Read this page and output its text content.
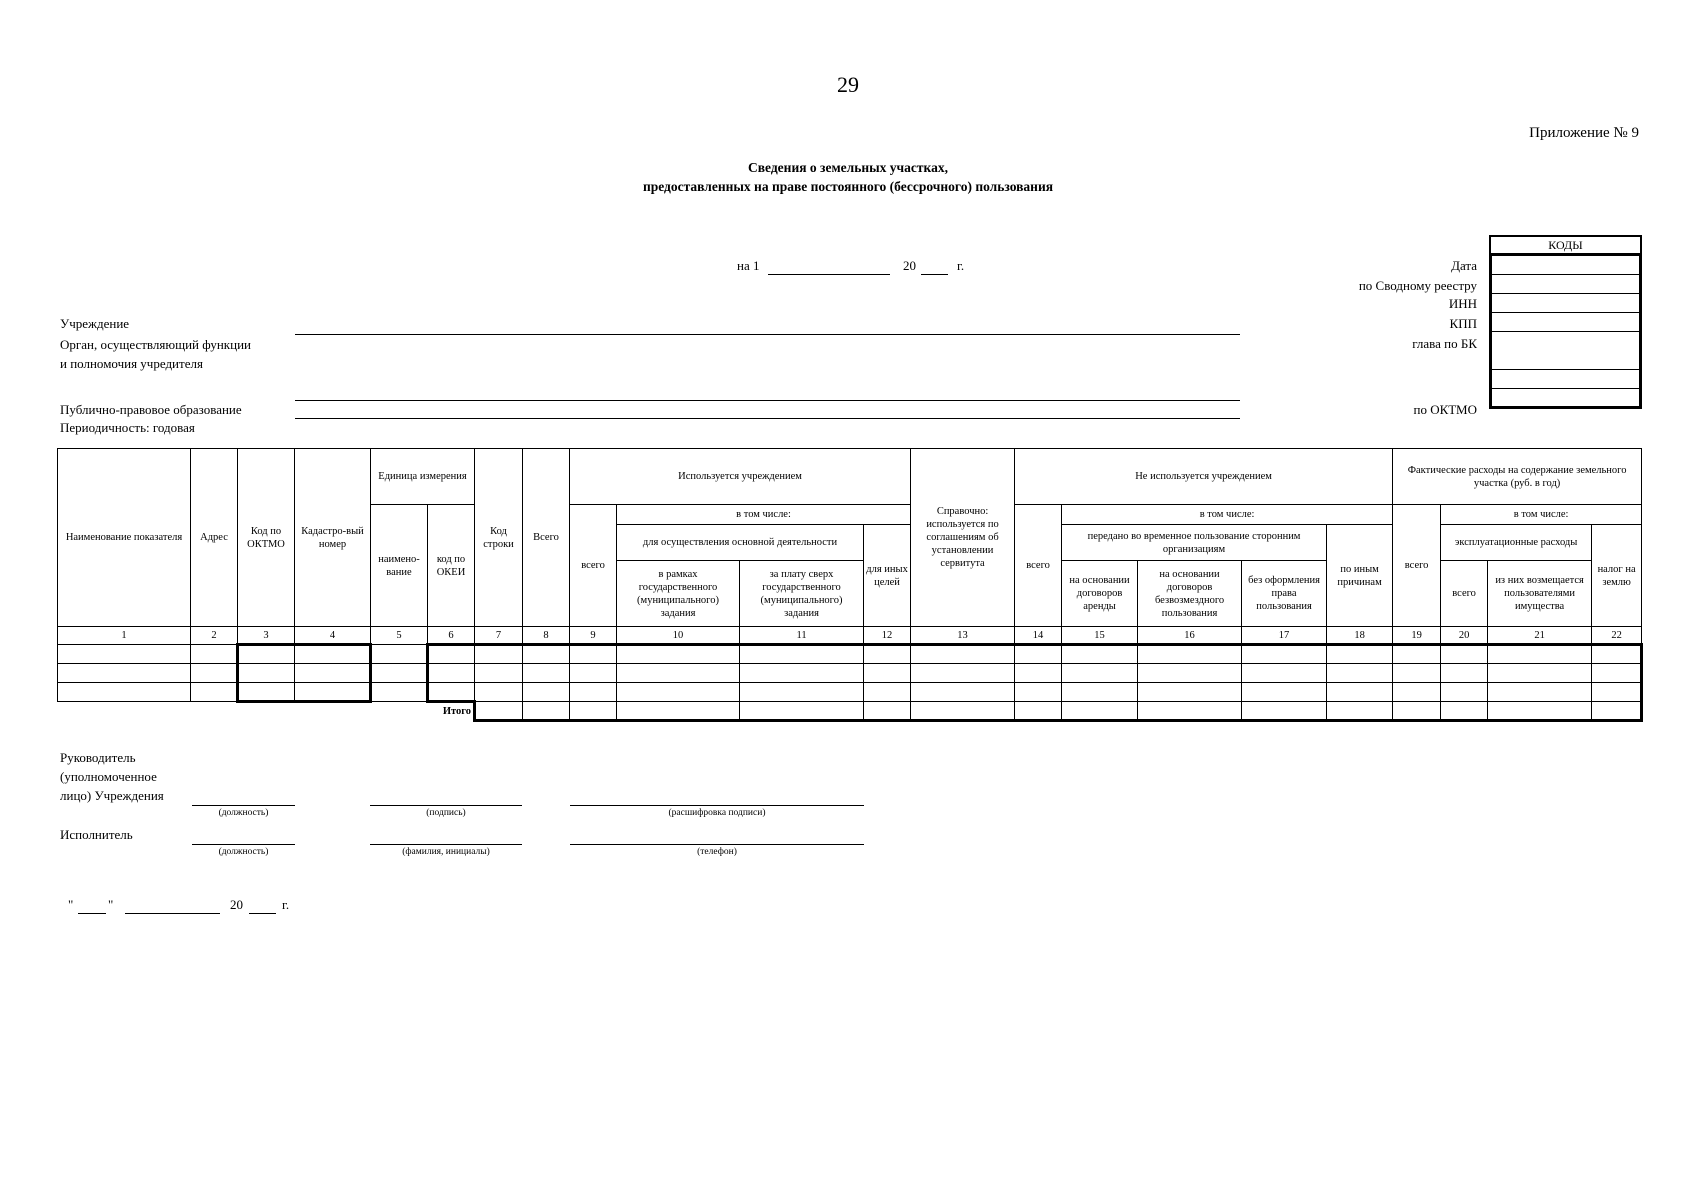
29
Приложение № 9
Сведения о земельных участках,
предоставленных на праве постоянного (бессрочного) пользования
на 1	20	г.	Дата
по Сводному реестру
ИНН
КПП
глава по БК
по ОКТМО
КОДЫ
Учреждение
Орган, осуществляющий функции
и полномочия учредителя
Публично-правовое образование
Периодичность: годовая
Наименование показателя	Адрес	Код по ОКТМО	Кадастро-вый номер	Единица измерения		Код строки	Всего	Используется учреждением				Справочно: используется по соглашениям об установлении сервитута	Не используется учреждением					Фактические расходы на содержание земельного участка (руб. в год)			
				наимено-вание	код по ОКЕИ			всего	в том числе:				всего	в том числе:				всего	в том числе:		
									для осуществления основной деятельности		для иных целей			передано во временное пользование сторонним организациям			по иным причинам		эксплуатационные расходы		налог на землю
									в рамках государственного (муниципального) задания	за плату сверх государственного (муниципального) задания				на основании договоров аренды	на основании договоров безвозмездного пользования	без оформления права пользования			всего	из них возмещается пользователями имущества	
1	2	3	4	5	6	7	8	9	10	11	12	13	14	15	16	17	18	19	20	21	22

					Итого																
Руководитель
(уполномоченное
лицо) Учреждения
(должность)	(подпись)	(расшифровка подписи)
Исполнитель
(должность)	(фамилия, инициалы)	(телефон)
"	"	20	г.
